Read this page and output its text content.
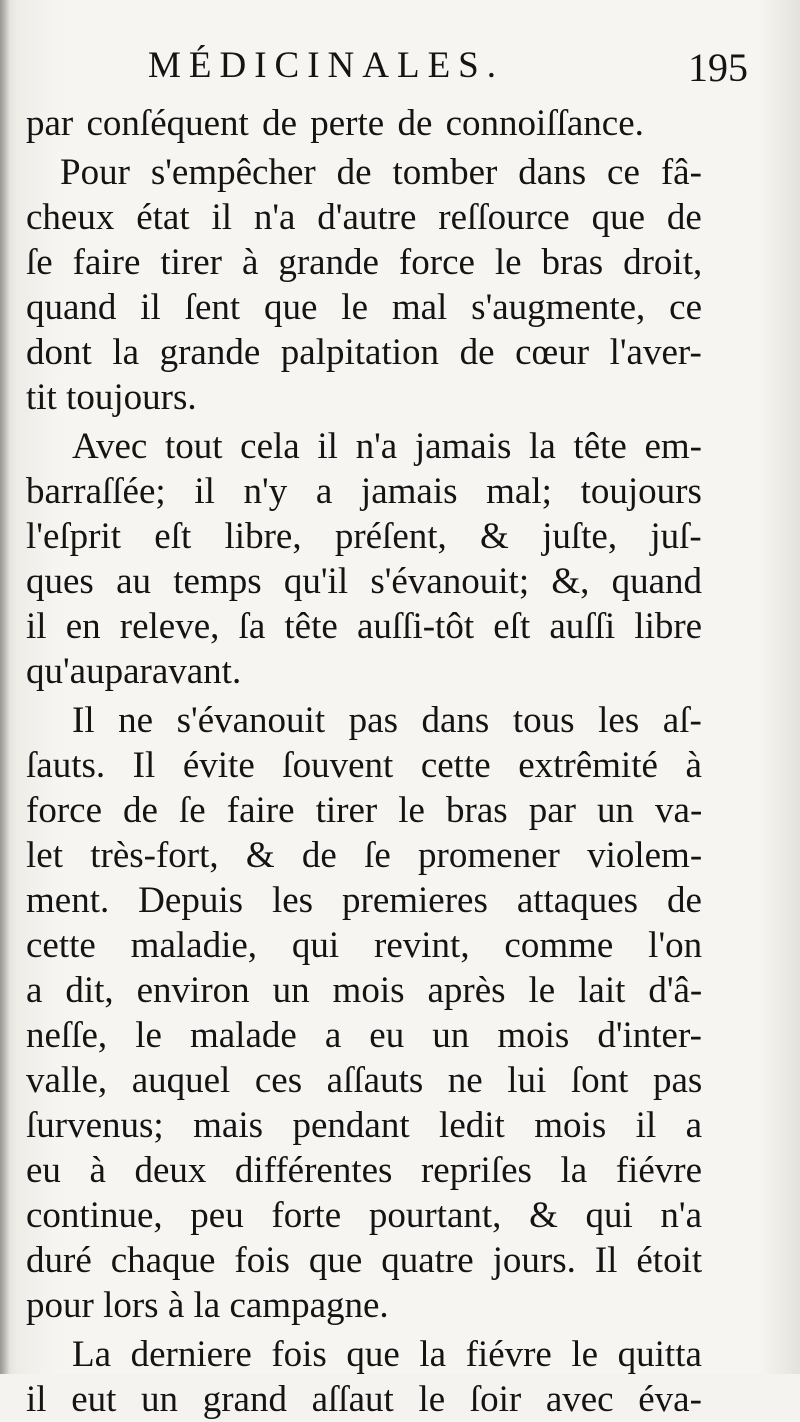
MÉDICINALES.	195
par conſéquent de perte de connoiſſance.
Pour s'empêcher de tomber dans ce fâ-
cheux état il n'a d'autre reſſource que de
ſe faire tirer à grande force le bras droit,
quand il ſent que le mal s'augmente, ce
dont la grande palpitation de cœur l'aver-
tit toujours.
Avec tout cela il n'a jamais la tête em-
barraſſée; il n'y a jamais mal; toujours
l'eſprit eſt libre, préſent, & juſte, juſ-
ques au temps qu'il s'évanouit; &, quand
il en releve, ſa tête auſſi-tôt eſt auſſi libre
qu'auparavant.
Il ne s'évanouit pas dans tous les aſ-
ſauts. Il évite ſouvent cette extrêmité à
force de ſe faire tirer le bras par un va-
let très-fort, & de ſe promener violem-
ment. Depuis les premieres attaques de
cette maladie, qui revint, comme l'on
a dit, environ un mois après le lait d'â-
neſſe, le malade a eu un mois d'inter-
valle, auquel ces aſſauts ne lui ſont pas
ſurvenus; mais pendant ledit mois il a
eu à deux différentes repriſes la fiévre
continue, peu forte pourtant, & qui n'a
duré chaque fois que quatre jours. Il étoit
pour lors à la campagne.
La derniere fois que la fiévre le quitta
il eut un grand aſſaut le ſoir avec éva-
